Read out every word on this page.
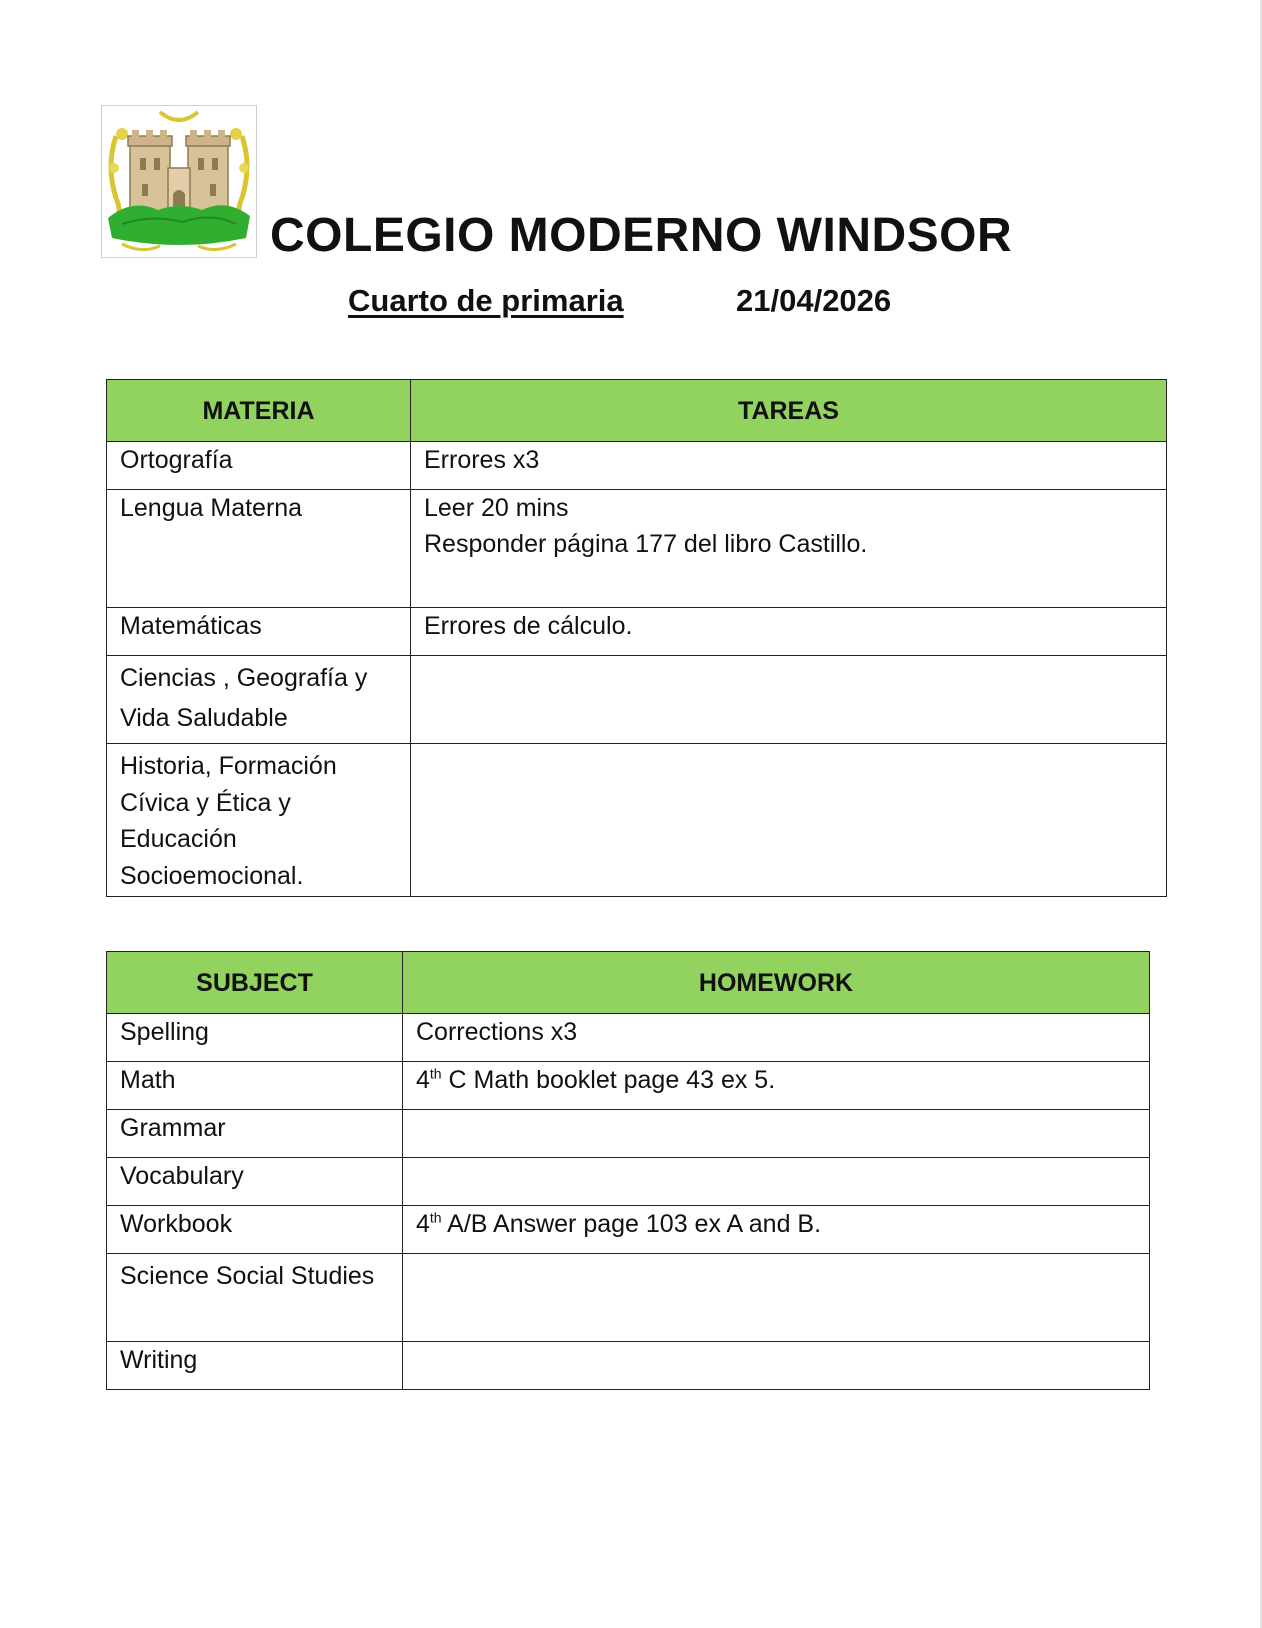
COLEGIO MODERNO WINDSOR
Cuarto de primaria	21/04/2026
MATERIA	TAREAS
Ortografía	Errores x3

Lengua Materna	Leer 20 mins
Responder página 177 del libro Castillo.

Matemáticas	Errores de cálculo.

Ciencias , Geografía y Vida Saludable	
Historia, Formación Cívica y Ética y Educación Socioemocional.	
SUBJECT	HOMEWORK
Spelling	Corrections x3
Math	4th C Math booklet page 43 ex 5.
Grammar	
Vocabulary	
Workbook	4th A/B Answer page 103 ex A and B.
Science Social Studies	
Writing	
